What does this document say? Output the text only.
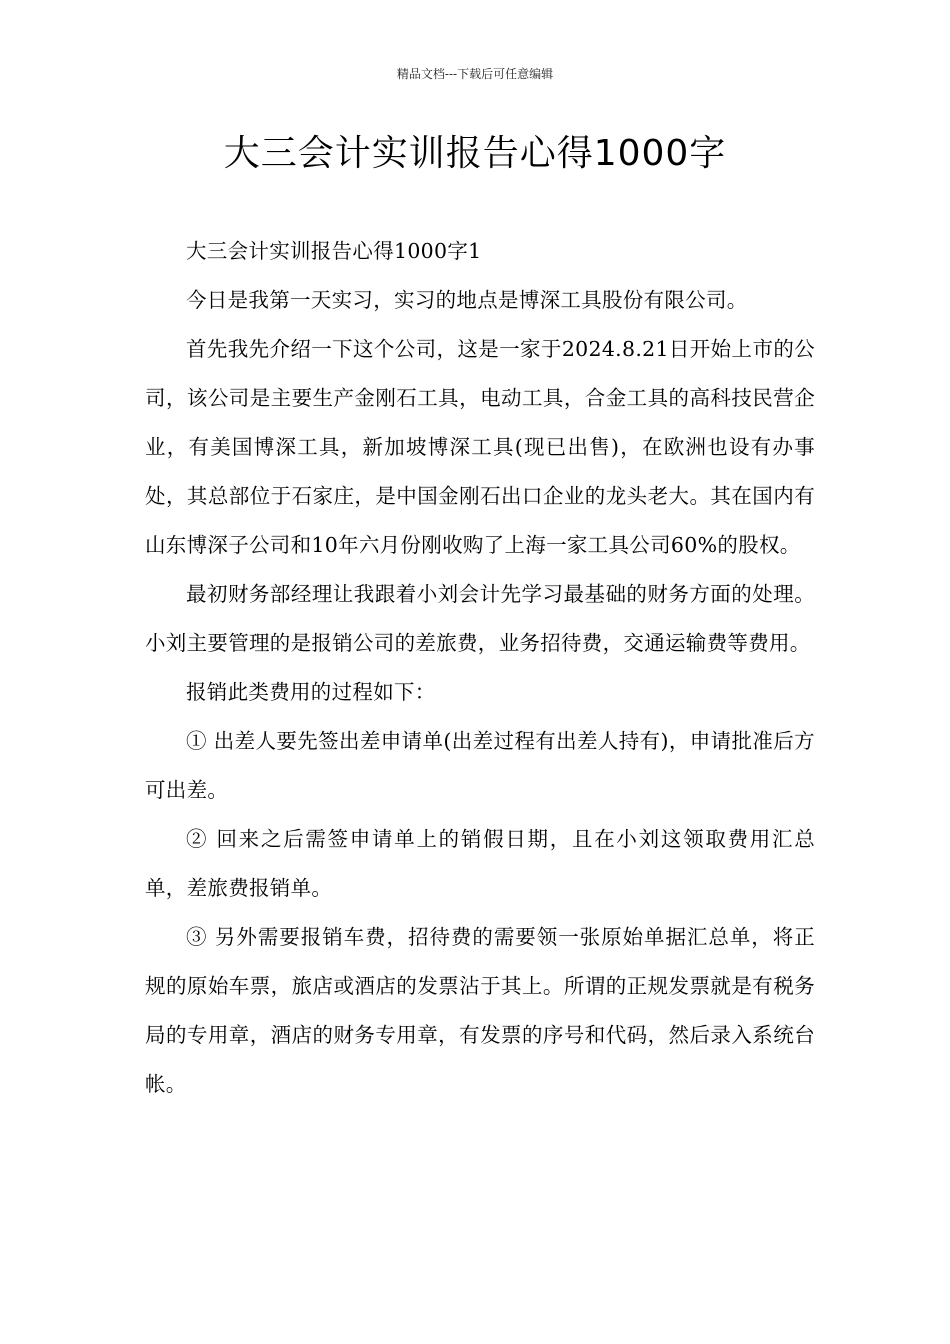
精品文档---下载后可任意编辑
大三会计实训报告心得1000字

大三会计实训报告心得1000字1

今日是我第一天实习，实习的地点是博深工具股份有限公司。

首先我先介绍一下这个公司，这是一家于2024.8.21日开始上市的公司，该公司是主要生产金刚石工具，电动工具，合金工具的高科技民营企业，有美国博深工具，新加坡博深工具(现已出售)，在欧洲也设有办事处，其总部位于石家庄，是中国金刚石出口企业的龙头老大。其在国内有山东博深子公司和10年六月份刚收购了上海一家工具公司60%的股权。

最初财务部经理让我跟着小刘会计先学习最基础的财务方面的处理。小刘主要管理的是报销公司的差旅费，业务招待费，交通运输费等费用。

报销此类费用的过程如下：

① 出差人要先签出差申请单(出差过程有出差人持有)，申请批准后方可出差。

② 回来之后需签申请单上的销假日期，且在小刘这领取费用汇总单，差旅费报销单。

③ 另外需要报销车费，招待费的需要领一张原始单据汇总单，将正规的原始车票，旅店或酒店的发票沾于其上。所谓的正规发票就是有税务局的专用章，酒店的财务专用章，有发票的序号和代码，然后录入系统台帐。
